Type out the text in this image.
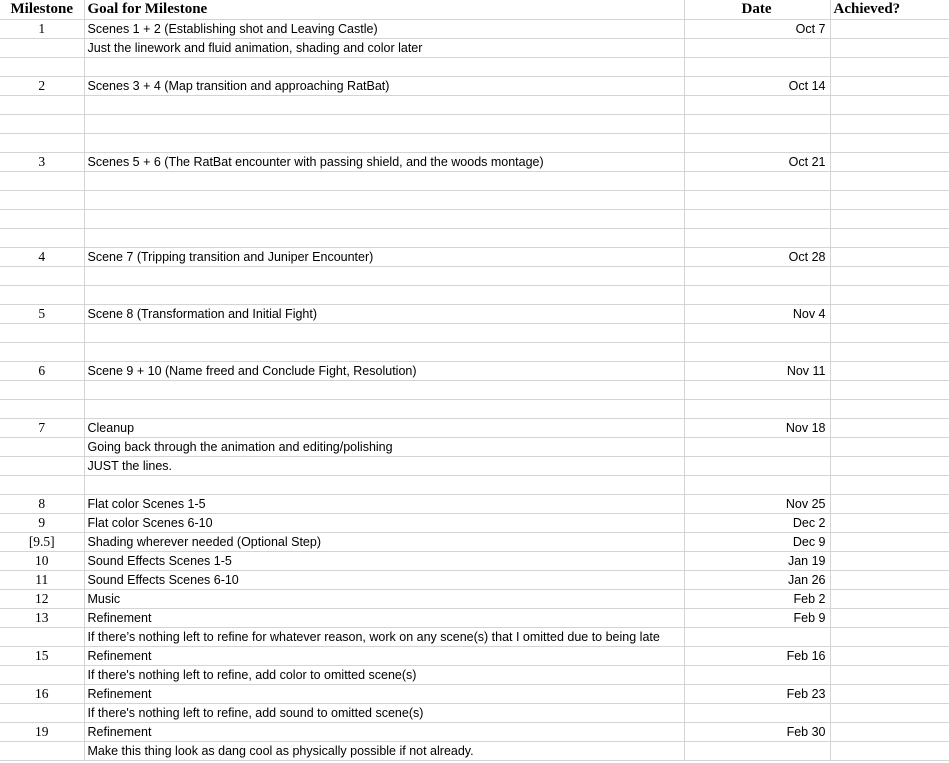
Milestone	Goal for Milestone	Date	Achieved?
1	Scenes 1 + 2 (Establishing shot and Leaving Castle)	Oct 7	
	Just the linework and fluid animation, shading and color later		

2	Scenes 3 + 4 (Map transition and approaching RatBat)	Oct 14	

3	Scenes 5 + 6 (The RatBat encounter with passing shield, and the woods montage)	Oct 21	

4	Scene 7 (Tripping transition and Juniper Encounter)	Oct 28	

5	Scene 8 (Transformation and Initial Fight)	Nov 4	

6	Scene 9 + 10 (Name freed and Conclude Fight, Resolution)	Nov 11	

7	Cleanup	Nov 18	
	Going back through the animation and editing/polishing		
	JUST the lines.		

8	Flat color Scenes 1-5	Nov 25	
9	Flat color Scenes 6-10	Dec 2	
[9.5]	Shading wherever needed (Optional Step)	Dec 9	
10	Sound Effects Scenes 1-5	Jan 19	
11	Sound Effects Scenes 6-10	Jan 26	
12	Music	Feb 2	
13	Refinement	Feb 9	
	If there’s nothing left to refine for whatever reason, work on any scene(s) that I omitted due to being late		
15	Refinement	Feb 16	
	If there's nothing left to refine, add color to omitted scene(s)		
16	Refinement	Feb 23	
	If there's nothing left to refine, add sound to omitted scene(s)		
19	Refinement	Feb 30	
	Make this thing look as dang cool as physically possible if not already.		
